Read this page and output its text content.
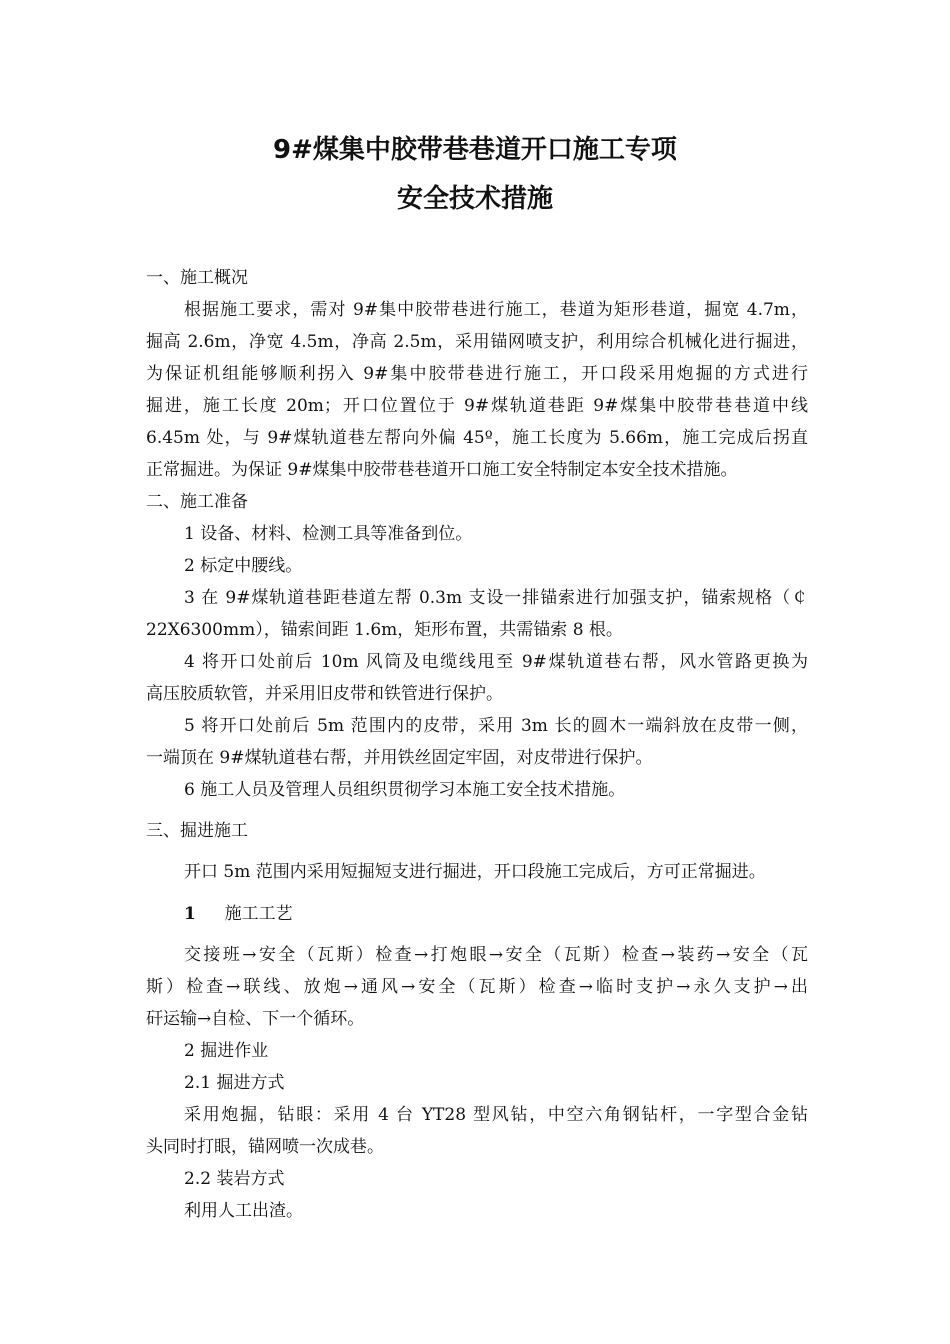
9#煤集中胶带巷巷道开口施工专项
安全技术措施
一、施工概况
根据施工要求，需对 9#集中胶带巷进行施工，巷道为矩形巷道，掘宽 4.7m，
掘高 2.6m，净宽 4.5m，净高 2.5m，采用锚网喷支护，利用综合机械化进行掘进，
为保证机组能够顺利拐入 9#集中胶带巷进行施工，开口段采用炮掘的方式进行
掘进，施工长度 20m；开口位置位于 9#煤轨道巷距 9#煤集中胶带巷巷道中线
6.45m 处，与 9#煤轨道巷左帮向外偏 45º，施工长度为 5.66m，施工完成后拐直
正常掘进。为保证 9#煤集中胶带巷巷道开口施工安全特制定本安全技术措施。
二、施工准备
1 设备、材料、检测工具等准备到位。
2 标定中腰线。
3 在 9#煤轨道巷距巷道左帮 0.3m 支设一排锚索进行加强支护，锚索规格（￠
22X6300mm），锚索间距 1.6m，矩形布置，共需锚索 8 根。
4 将开口处前后 10m 风筒及电缆线甩至 9#煤轨道巷右帮，风水管路更换为
高压胶质软管，并采用旧皮带和铁管进行保护。
5 将开口处前后 5m 范围内的皮带，采用 3m 长的圆木一端斜放在皮带一侧，
一端顶在 9#煤轨道巷右帮，并用铁丝固定牢固，对皮带进行保护。
6 施工人员及管理人员组织贯彻学习本施工安全技术措施。
三、掘进施工
开口 5m 范围内采用短掘短支进行掘进，开口段施工完成后，方可正常掘进。
1 施工工艺
交接班→安全（瓦斯）检查→打炮眼→安全（瓦斯）检查→装药→安全（瓦
斯）检查→联线、放炮→通风→安全（瓦斯）检查→临时支护→永久支护→出
矸运输→自检、下一个循环。
2 掘进作业
2.1 掘进方式
采用炮掘，钻眼：采用 4 台 YT28 型风钻，中空六角钢钻杆，一字型合金钻
头同时打眼，锚网喷一次成巷。
2.2 装岩方式
利用人工出渣。
